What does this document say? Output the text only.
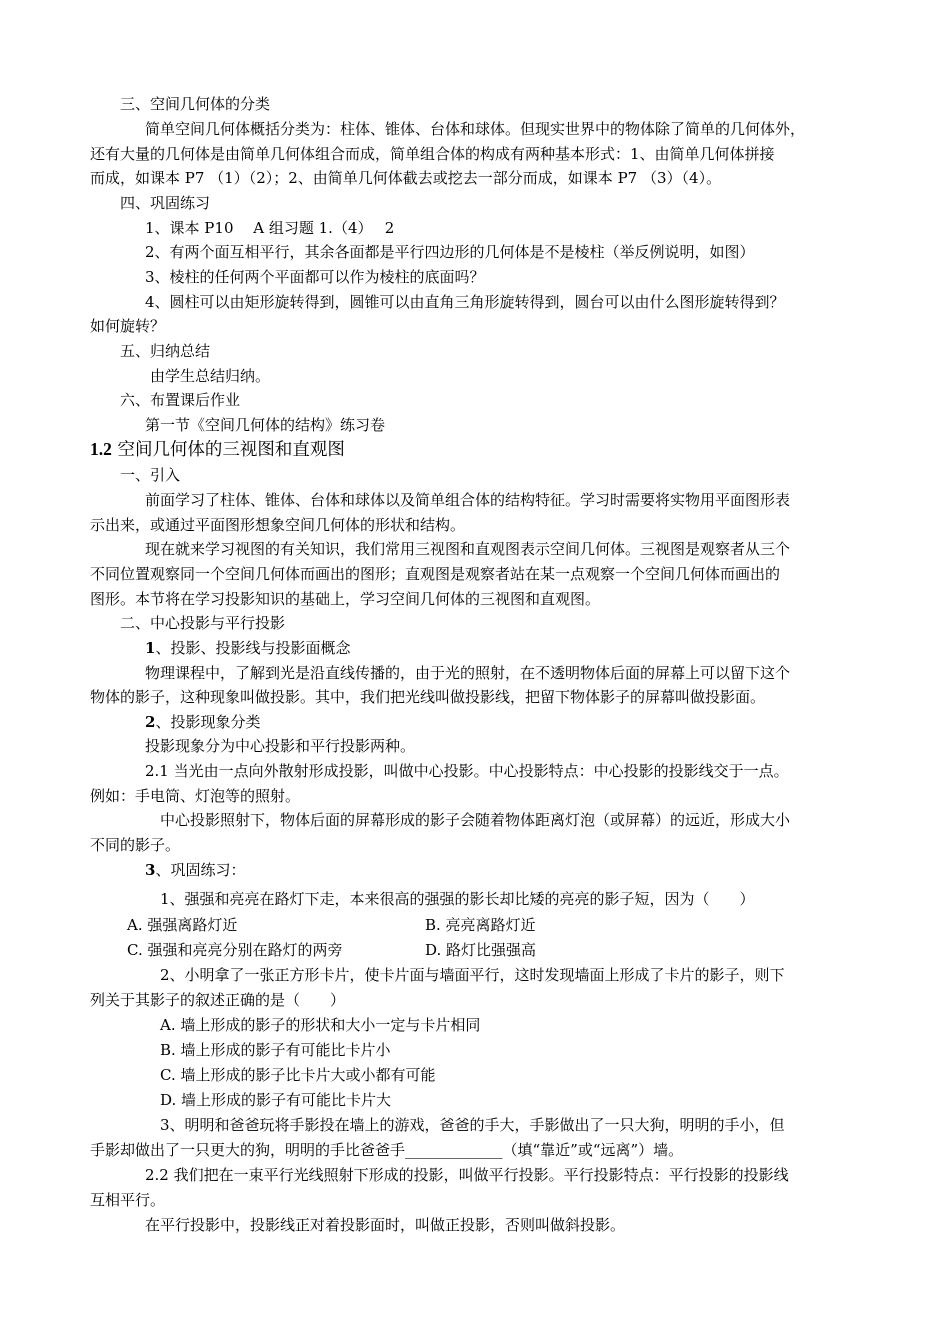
三、空间几何体的分类
简单空间几何体概括分类为：柱体、锥体、台体和球体。但现实世界中的物体除了简单的几何体外，
还有大量的几何体是由简单几何体组合而成，简单组合体的构成有两种基本形式：1、由简单几何体拼接
而成，如课本 P7 （1）（2）；2、由简单几何体截去或挖去一部分而成，如课本 P7 （3）（4）。
四、巩固练习
1、课本 P10　 A 组习题 1.（4）　 2
2、有两个面互相平行，其余各面都是平行四边形的几何体是不是棱柱（举反例说明，如图）
3、棱柱的任何两个平面都可以作为棱柱的底面吗？
4、圆柱可以由矩形旋转得到，圆锥可以由直角三角形旋转得到，圆台可以由什么图形旋转得到？
如何旋转？
五、归纳总结
由学生总结归纳。
六、布置课后作业
第一节《空间几何体的结构》练习卷
1.2 空间几何体的三视图和直观图
一、引入
前面学习了柱体、锥体、台体和球体以及简单组合体的结构特征。学习时需要将实物用平面图形表
示出来，或通过平面图形想象空间几何体的形状和结构。
现在就来学习视图的有关知识，我们常用三视图和直观图表示空间几何体。三视图是观察者从三个
不同位置观察同一个空间几何体而画出的图形；直观图是观察者站在某一点观察一个空间几何体而画出的
图形。本节将在学习投影知识的基础上，学习空间几何体的三视图和直观图。
二、中心投影与平行投影
1、投影、投影线与投影面概念
物理课程中，了解到光是沿直线传播的，由于光的照射，在不透明物体后面的屏幕上可以留下这个
物体的影子，这种现象叫做投影。其中，我们把光线叫做投影线，把留下物体影子的屏幕叫做投影面。
2、投影现象分类
投影现象分为中心投影和平行投影两种。
2.1 当光由一点向外散射形成投影，叫做中心投影。中心投影特点：中心投影的投影线交于一点。
例如：手电筒、灯泡等的照射。
中心投影照射下，物体后面的屏幕形成的影子会随着物体距离灯泡（或屏幕）的远近，形成大小
不同的影子。
3、巩固练习：
1、强强和亮亮在路灯下走，本来很高的强强的影长却比矮的亮亮的影子短，因为（　　）
A. 强强离路灯近	B. 亮亮离路灯近
C. 强强和亮亮分别在路灯的两旁	D. 路灯比强强高
2、小明拿了一张正方形卡片，使卡片面与墙面平行，这时发现墙面上形成了卡片的影子，则下
列关于其影子的叙述正确的是（　　）
A. 墙上形成的影子的形状和大小一定与卡片相同
B. 墙上形成的影子有可能比卡片小
C. 墙上形成的影子比卡片大或小都有可能
D. 墙上形成的影子有可能比卡片大
3、明明和爸爸玩将手影投在墙上的游戏，爸爸的手大，手影做出了一只大狗，明明的手小，但
手影却做出了一只更大的狗，明明的手比爸爸手_____________（填“靠近”或“远离”）墙。
2.2 我们把在一束平行光线照射下形成的投影，叫做平行投影。平行投影特点：平行投影的投影线
互相平行。
在平行投影中，投影线正对着投影面时，叫做正投影，否则叫做斜投影。
